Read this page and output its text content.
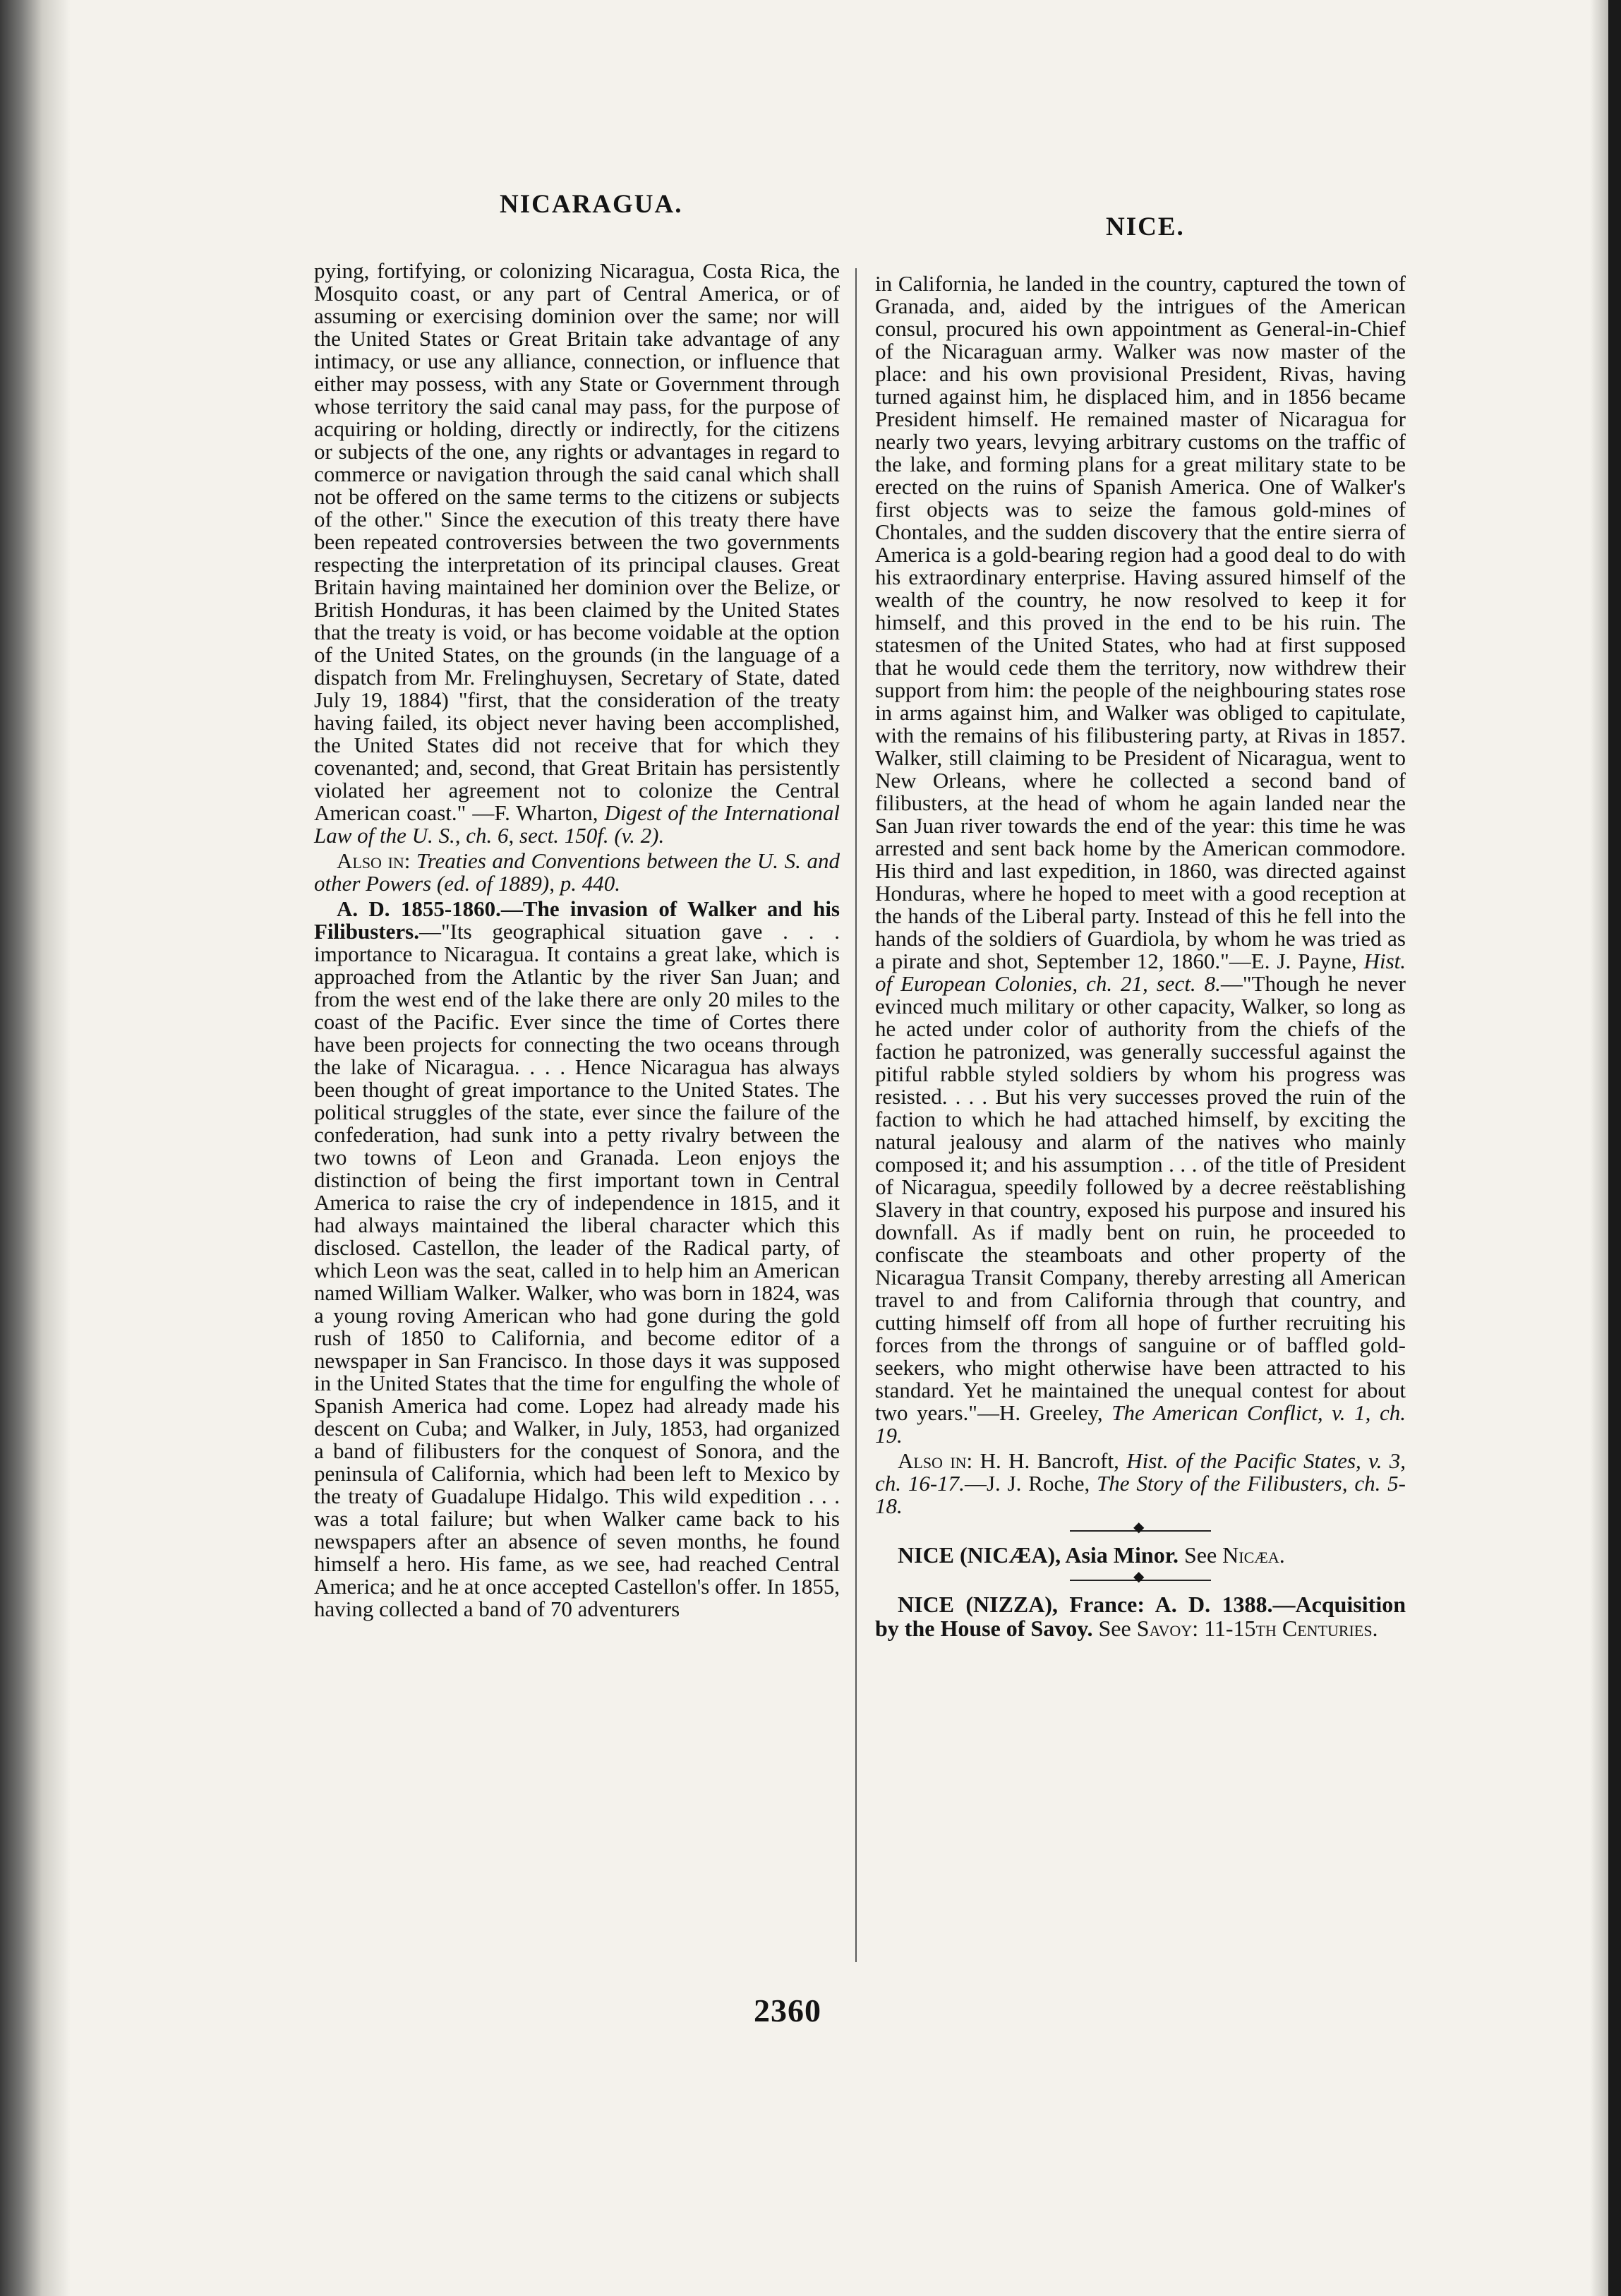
NICARAGUA.
NICE.

pying, fortifying, or colonizing Nicaragua, Costa Rica, the Mosquito coast, or any part of Central America, or of assuming or exercising dominion over the same; nor will the United States or Great Britain take advantage of any intimacy, or use any alliance, connection, or influence that either may possess, with any State or Government through whose territory the said canal may pass, for the purpose of acquiring or holding, directly or indirectly, for the citizens or subjects of the one, any rights or advantages in regard to commerce or navigation through the said canal which shall not be offered on the same terms to the citizens or subjects of the other." Since the execution of this treaty there have been repeated controversies between the two governments respecting the interpretation of its principal clauses. Great Britain having maintained her dominion over the Belize, or British Honduras, it has been claimed by the United States that the treaty is void, or has become voidable at the option of the United States, on the grounds (in the language of a dispatch from Mr. Frelinghuysen, Secretary of State, dated July 19, 1884) "first, that the consideration of the treaty having failed, its object never having been accomplished, the United States did not receive that for which they covenanted; and, second, that Great Britain has persistently violated her agreement not to colonize the Central American coast." —F. Wharton, Digest of the International Law of the U. S., ch. 6, sect. 150f. (v. 2).

Also in: Treaties and Conventions between the U. S. and other Powers (ed. of 1889), p. 440.

A. D. 1855-1860.—The invasion of Walker and his Filibusters.—"Its geographical situation gave . . . importance to Nicaragua. It contains a great lake, which is approached from the Atlantic by the river San Juan; and from the west end of the lake there are only 20 miles to the coast of the Pacific. Ever since the time of Cortes there have been projects for connecting the two oceans through the lake of Nicaragua. . . . Hence Nicaragua has always been thought of great importance to the United States. The political struggles of the state, ever since the failure of the confederation, had sunk into a petty rivalry between the two towns of Leon and Granada. Leon enjoys the distinction of being the first important town in Central America to raise the cry of independence in 1815, and it had always maintained the liberal character which this disclosed. Castellon, the leader of the Radical party, of which Leon was the seat, called in to help him an American named William Walker. Walker, who was born in 1824, was a young roving American who had gone during the gold rush of 1850 to California, and become editor of a newspaper in San Francisco. In those days it was supposed in the United States that the time for engulfing the whole of Spanish America had come. Lopez had already made his descent on Cuba; and Walker, in July, 1853, had organized a band of filibusters for the conquest of Sonora, and the peninsula of California, which had been left to Mexico by the treaty of Guadalupe Hidalgo. This wild expedition . . . was a total failure; but when Walker came back to his newspapers after an absence of seven months, he found himself a hero. His fame, as we see, had reached Central America; and he at once accepted Castellon's offer. In 1855, having collected a band of 70 adventurers

in California, he landed in the country, captured the town of Granada, and, aided by the intrigues of the American consul, procured his own appointment as General-in-Chief of the Nicaraguan army. Walker was now master of the place: and his own provisional President, Rivas, having turned against him, he displaced him, and in 1856 became President himself. He remained master of Nicaragua for nearly two years, levying arbitrary customs on the traffic of the lake, and forming plans for a great military state to be erected on the ruins of Spanish America. One of Walker's first objects was to seize the famous gold-mines of Chontales, and the sudden discovery that the entire sierra of America is a gold-bearing region had a good deal to do with his extraordinary enterprise. Having assured himself of the wealth of the country, he now resolved to keep it for himself, and this proved in the end to be his ruin. The statesmen of the United States, who had at first supposed that he would cede them the territory, now withdrew their support from him: the people of the neighbouring states rose in arms against him, and Walker was obliged to capitulate, with the remains of his filibustering party, at Rivas in 1857. Walker, still claiming to be President of Nicaragua, went to New Orleans, where he collected a second band of filibusters, at the head of whom he again landed near the San Juan river towards the end of the year: this time he was arrested and sent back home by the American commodore. His third and last expedition, in 1860, was directed against Honduras, where he hoped to meet with a good reception at the hands of the Liberal party. Instead of this he fell into the hands of the soldiers of Guardiola, by whom he was tried as a pirate and shot, September 12, 1860."—E. J. Payne, Hist. of European Colonies, ch. 21, sect. 8.—"Though he never evinced much military or other capacity, Walker, so long as he acted under color of authority from the chiefs of the faction he patronized, was generally successful against the pitiful rabble styled soldiers by whom his progress was resisted. . . . But his very successes proved the ruin of the faction to which he had attached himself, by exciting the natural jealousy and alarm of the natives who mainly composed it; and his assumption . . . of the title of President of Nicaragua, speedily followed by a decree reëstablishing Slavery in that country, exposed his purpose and insured his downfall. As if madly bent on ruin, he proceeded to confiscate the steamboats and other property of the Nicaragua Transit Company, thereby arresting all American travel to and from California through that country, and cutting himself off from all hope of further recruiting his forces from the throngs of sanguine or of baffled gold-seekers, who might otherwise have been attracted to his standard. Yet he maintained the unequal contest for about two years."—H. Greeley, The American Conflict, v. 1, ch. 19.

Also in: H. H. Bancroft, Hist. of the Pacific States, v. 3, ch. 16-17.—J. J. Roche, The Story of the Filibusters, ch. 5-18.

◆

NICE (NICÆA), Asia Minor. See Nicæa.

◆

NICE (NIZZA), France: A. D. 1388.—Acquisition by the House of Savoy. See Savoy: 11-15th Centuries.

2360
